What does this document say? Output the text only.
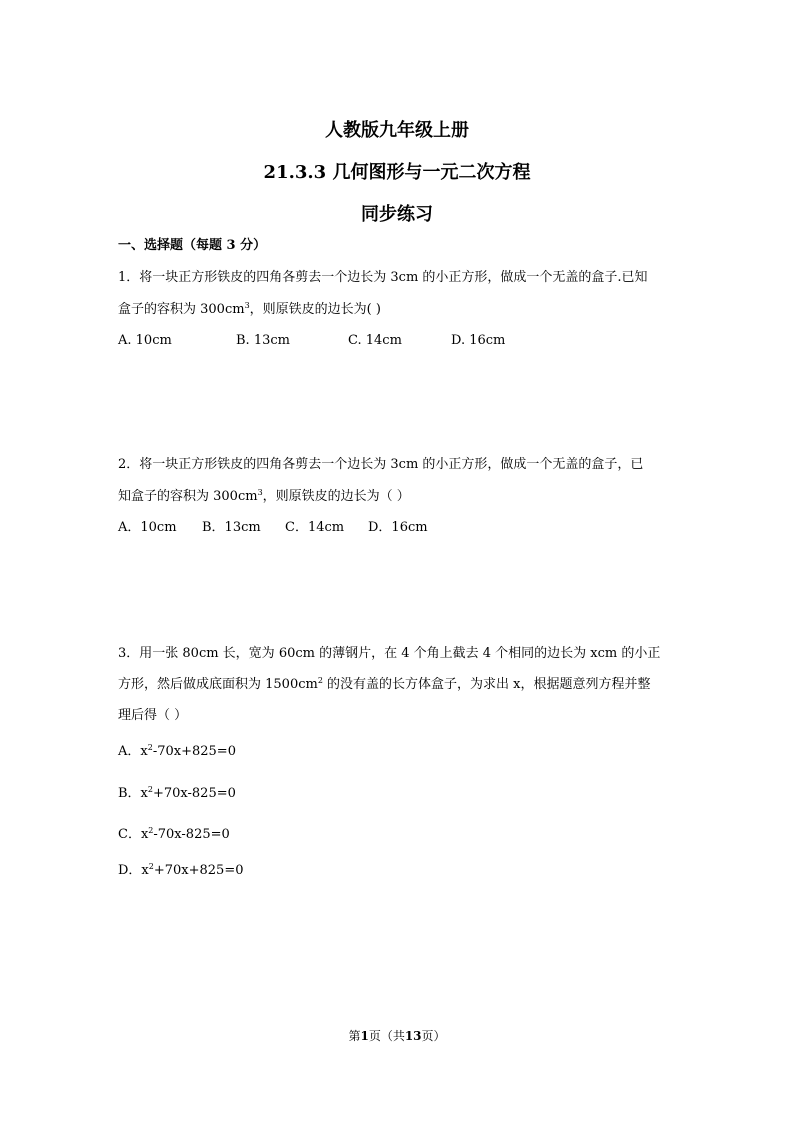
人教版九年级上册
21.3.3 几何图形与一元二次方程
同步练习
一、选择题（每题 3 分）
1．将一块正方形铁皮的四角各剪去一个边长为 3cm 的小正方形，做成一个无盖的盒子.已知
盒子的容积为 $300cm^3$，则原铁皮的边长为( )
A. 10cm	B. 13cm	C. 14cm	D. 16cm
2．将一块正方形铁皮的四角各剪去一个边长为 3cm 的小正方形，做成一个无盖的盒子，已
知盒子的容积为 $300cm^3$，则原铁皮的边长为（ ）
A．10cm B．13cm C．14cm D．16cm
3．用一张 80cm 长，宽为 60cm 的薄钢片，在 4 个角上截去 4 个相同的边长为 xcm 的小正
方形，然后做成底面积为 $1500cm^2$ 的没有盖的长方体盒子，为求出 x，根据题意列方程并整
理后得（ ）
A．$x^2-70x+825=0$
B．$x^2+70x-825=0$
C．$x^2-70x-825=0$
D．$x^2+70x+825=0$
第1页（共13页）
